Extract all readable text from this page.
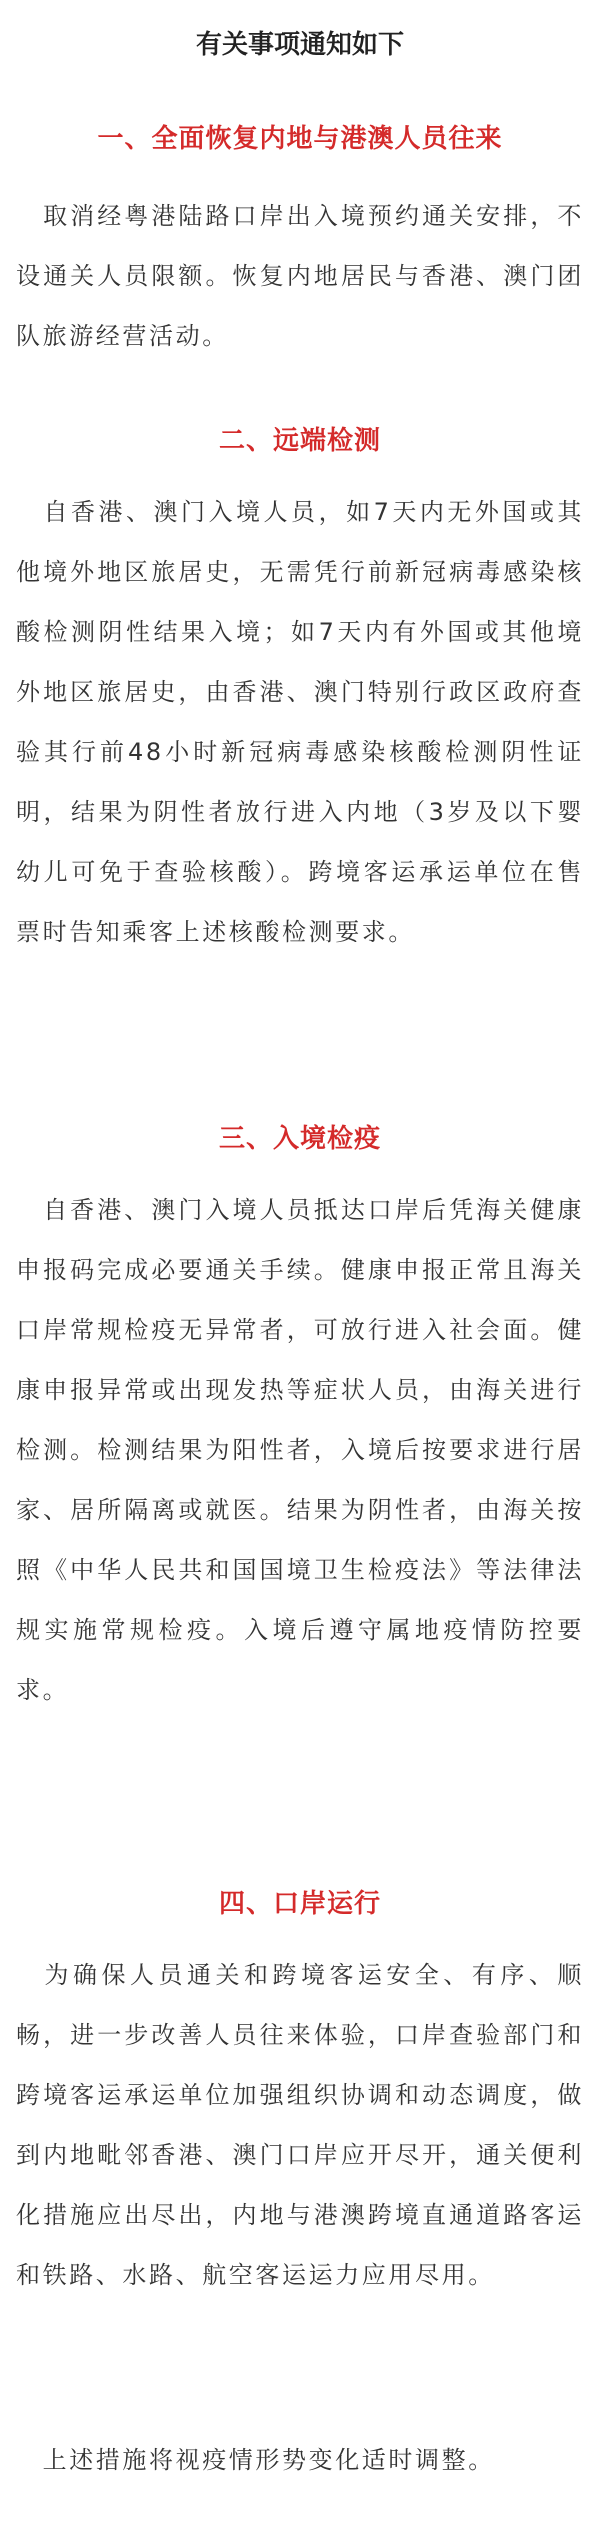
有关事项通知如下
一、全面恢复内地与港澳人员往来

　取消经粤港陆路口岸出入境预约通关安排，不设通关人员限额。恢复内地居民与香港、澳门团队旅游经营活动。

二、远端检测

　自香港、澳门入境人员，如7天内无外国或其他境外地区旅居史，无需凭行前新冠病毒感染核酸检测阴性结果入境；如7天内有外国或其他境外地区旅居史，由香港、澳门特别行政区政府查验其行前48小时新冠病毒感染核酸检测阴性证明，结果为阴性者放行进入内地（3岁及以下婴幼儿可免于查验核酸）。跨境客运承运单位在售票时告知乘客上述核酸检测要求。

三、入境检疫

　自香港、澳门入境人员抵达口岸后凭海关健康申报码完成必要通关手续。健康申报正常且海关口岸常规检疫无异常者，可放行进入社会面。健康申报异常或出现发热等症状人员，由海关进行检测。检测结果为阳性者，入境后按要求进行居家、居所隔离或就医。结果为阴性者，由海关按照《中华人民共和国国境卫生检疫法》等法律法规实施常规检疫。入境后遵守属地疫情防控要求。

四、口岸运行

　为确保人员通关和跨境客运安全、有序、顺畅，进一步改善人员往来体验，口岸查验部门和跨境客运承运单位加强组织协调和动态调度，做到内地毗邻香港、澳门口岸应开尽开，通关便利化措施应出尽出，内地与港澳跨境直通道路客运和铁路、水路、航空客运运力应用尽用。

　上述措施将视疫情形势变化适时调整。
